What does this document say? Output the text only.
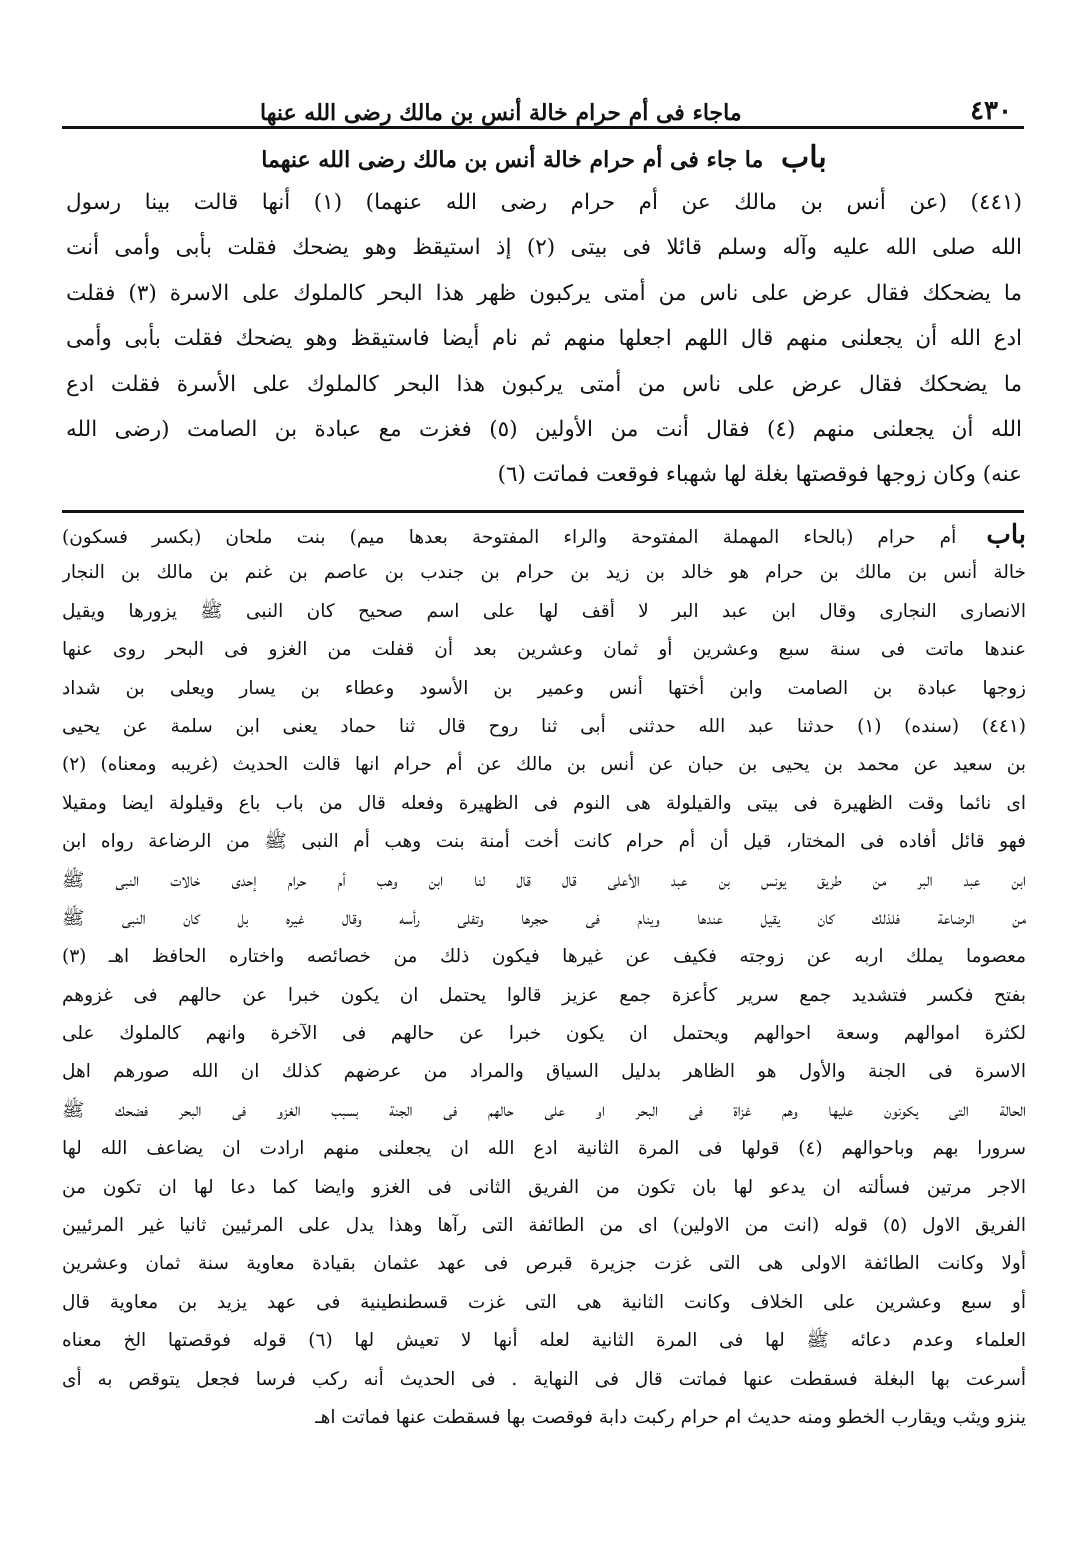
٤٣٠
ماجاء فى أم حرام خالة أنس بن مالك رضى الله عنها
باب ما جاء فى أم حرام خالة أنس بن مالك رضى الله عنهما
(٤٤١) (عن أنس بن مالك عن أم حرام رضى الله عنهما) (١) أنها قالت بينا رسول
الله صلى الله عليه وآله وسلم قائلا فى بيتى (٢) إذ استيقظ وهو يضحك فقلت بأبى وأمى أنت
ما يضحكك فقال عرض على ناس من أمتى يركبون ظهر هذا البحر كالملوك على الاسرة (٣) فقلت
ادع الله أن يجعلنى منهم قال اللهم اجعلها منهم ثم نام أيضا فاستيقظ وهو يضحك فقلت بأبى وأمى
ما يضحكك فقال عرض على ناس من أمتى يركبون هذا البحر كالملوك على الأسرة فقلت ادع
الله أن يجعلنى منهم (٤) فقال أنت من الأولين (٥) فغزت مع عبادة بن الصامت (رضى الله
عنه) وكان زوجها فوقصتها بغلة لها شهباء فوقعت فماتت (٦)
باب أم حرام (بالحاء المهملة المفتوحة والراء المفتوحة بعدها ميم) بنت ملحان (بكسر فسكون)
خالة أنس بن مالك بن حرام هو خالد بن زيد بن حرام بن جندب بن عاصم بن غنم بن مالك بن النجار
الانصارى النجارى وقال ابن عبد البر لا أقف لها على اسم صحيح كان النبى ﷺ يزورها ويقيل
عندها ماتت فى سنة سبع وعشرين أو ثمان وعشرين بعد أن قفلت من الغزو فى البحر روى عنها
زوجها عبادة بن الصامت وابن أختها أنس وعمير بن الأسود وعطاء بن يسار ويعلى بن شداد
(٤٤١) (سنده) (١) حدثنا عبد الله حدثنى أبى ثنا روح قال ثنا حماد يعنى ابن سلمة عن يحيى
بن سعيد عن محمد بن يحيى بن حبان عن أنس بن مالك عن أم حرام انها قالت الحديث (غريبه ومعناه) (٢)
اى نائما وقت الظهيرة فى بيتى والقيلولة هى النوم فى الظهيرة وفعله قال من باب باع وقيلولة ايضا ومقيلا
فهو قائل أفاده فى المختار، قيل أن أم حرام كانت أخت أمنة بنت وهب أم النبى ﷺ من الرضاعة رواه ابن
ابن عبد البر من طريق يونس بن عبد الأعلى قال قال لنا ابن وهب أم حرام إحدى خالات النبى ﷺ
من الرضاعة فلذلك كان يقيل عندها وينام فى حجرها وتفلى رأسه وقال غيره بل كان النبى ﷺ
معصوما يملك اربه عن زوجته فكيف عن غيرها فيكون ذلك من خصائصه واختاره الحافظ اهـ (٣)
بفتح فكسر فتشديد جمع سرير كأعزة جمع عزيز قالوا يحتمل ان يكون خبرا عن حالهم فى غزوهم
لكثرة اموالهم وسعة احوالهم ويحتمل ان يكون خبرا عن حالهم فى الآخرة وانهم كالملوك على
الاسرة فى الجنة والأول هو الظاهر بدليل السياق والمراد من عرضهم كذلك ان الله صورهم اهل
الحالة التى يكونون عليها وهم غزاة فى البحر او على حالهم فى الجنة بسبب الغزو فى البحر فضحك ﷺ
سرورا بهم وباحوالهم (٤) قولها فى المرة الثانية ادع الله ان يجعلنى منهم ارادت ان يضاعف الله لها
الاجر مرتين فسألته ان يدعو لها بان تكون من الفريق الثانى فى الغزو وايضا كما دعا لها ان تكون من
الفريق الاول (٥) قوله (انت من الاولين) اى من الطائفة التى رآها وهذا يدل على المرئيين ثانيا غير المرئيين
أولا وكانت الطائفة الاولى هى التى غزت جزيرة قبرص فى عهد عثمان بقيادة معاوية سنة ثمان وعشرين
أو سبع وعشرين على الخلاف وكانت الثانية هى التى غزت قسطنطينية فى عهد يزيد بن معاوية قال
العلماء وعدم دعائه ﷺ لها فى المرة الثانية لعله أنها لا تعيش لها (٦) قوله فوقصتها الخ معناه
أسرعت بها البغلة فسقطت عنها فماتت قال فى النهاية . فى الحديث أنه ركب فرسا فجعل يتوقص به أى
ينزو ويثب ويقارب الخطو ومنه حديث ام حرام ركبت دابة فوقصت بها فسقطت عنها فماتت اهـ
